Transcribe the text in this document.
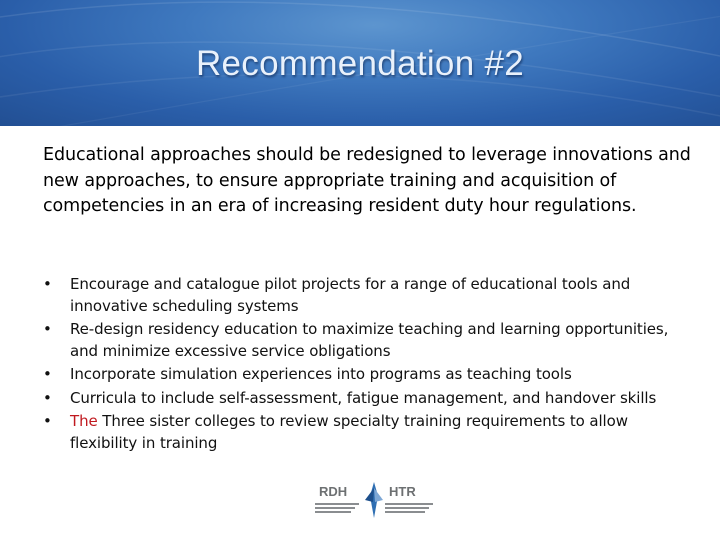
Recommendation #2

Educational approaches should be redesigned to leverage innovations and new approaches, to ensure appropriate training and acquisition of competencies in an era of increasing resident duty hour regulations.

• Encourage and catalogue pilot projects for a range of educational tools and innovative scheduling systems
• Re-design residency education to maximize teaching and learning opportunities, and minimize excessive service obligations
• Incorporate simulation experiences into programs as teaching tools
• Curricula to include self-assessment, fatigue management, and handover skills
• The Three sister colleges to review specialty training requirements to allow flexibility in training
RDH	HTR
